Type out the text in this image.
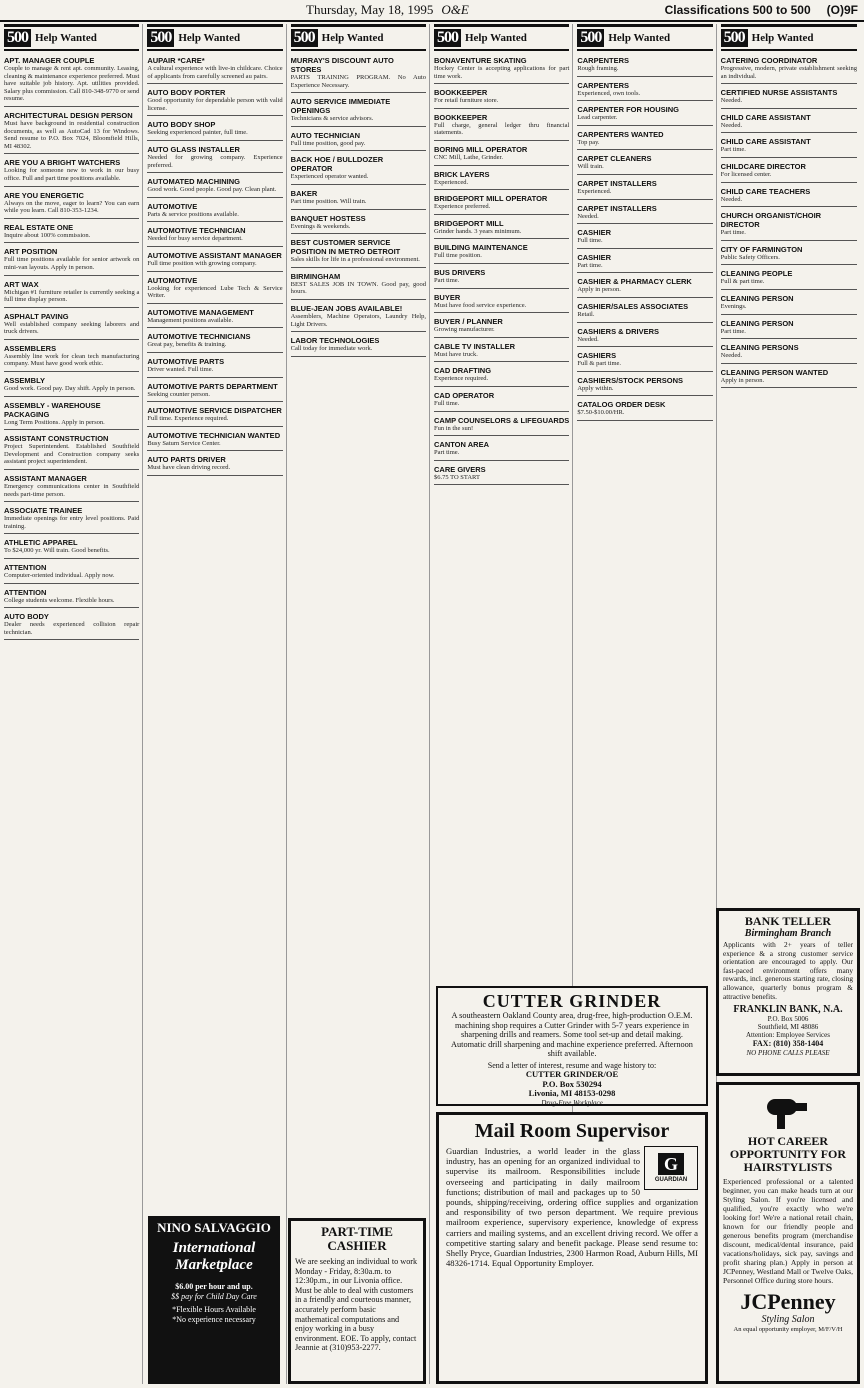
Thursday, May 18, 1995 O&E	Classifications 500 to 500 (O)9F
500 Help Wanted
APT. MANAGER COUPLE

Couple to manage & rent apt. community. Leasing, cleaning & maintenance experience preferred. Must have suitable job history. Apt. utilities provided. Salary plus commission. Call 810-348-9770 or send resume.

ARCHITECTURAL DESIGN PERSON

Must have background in residential construction documents, as well as AutoCad 13 for Windows. Send resume to P.O. Box 7024, Bloomfield Hills, MI 48302.

ARE YOU A BRIGHT WATCHERS

Looking for someone new to work in our busy office. Full and part time positions available.

ARE YOU ENERGETIC

Always on the move, eager to learn? You can earn while you learn. Call 810-353-1234.

REAL ESTATE ONE

Inquire about 100% commission.

ART POSITION

Full time positions available for senior artwork on mini-van layouts. Apply in person.

ART WAX

Michigan #1 furniture retailer is currently seeking a full time display person.

ASPHALT PAVING

Well established company seeking laborers and truck drivers.

ASSEMBLERS

Assembly line work for clean tech manufacturing company. Must have good work ethic.

ASSEMBLY

Good work. Good pay. Day shift. Apply in person.

ASSEMBLY - WAREHOUSE PACKAGING

Long Term Positions. Apply in person.

ASSISTANT CONSTRUCTION

Project Superintendent. Established Southfield Development and Construction company seeks assistant project superintendent.

ASSISTANT MANAGER

Emergency communications center in Southfield needs part-time person.

ASSOCIATE TRAINEE

Immediate openings for entry level positions. Paid training.

ATHLETIC APPAREL

To $24,000 yr. Will train. Good benefits.

ATTENTION

Computer-oriented individual. Apply now.

ATTENTION

College students welcome. Flexible hours.

AUTO BODY

Dealer needs experienced collision repair technician.

500 Help Wanted
AUPAIR *CARE*

A cultural experience with live-in childcare. Choice of applicants from carefully screened au pairs.

AUTO BODY PORTER

Good opportunity for dependable person with valid license.

AUTO BODY SHOP

Seeking experienced painter, full time.

AUTO GLASS INSTALLER

Needed for growing company. Experience preferred.

AUTOMATED MACHINING

Good work. Good people. Good pay. Clean plant.

AUTOMOTIVE

Parts & service positions available.

AUTOMOTIVE TECHNICIAN

Needed for busy service department.

AUTOMOTIVE ASSISTANT MANAGER

Full time position with growing company.

AUTOMOTIVE

Looking for experienced Lube Tech & Service Writer.

AUTOMOTIVE MANAGEMENT

Management positions available.

AUTOMOTIVE TECHNICIANS

Great pay, benefits & training.

AUTOMOTIVE PARTS

Driver wanted. Full time.

AUTOMOTIVE PARTS DEPARTMENT

Seeking counter person.

AUTOMOTIVE SERVICE DISPATCHER

Full time. Experience required.

AUTOMOTIVE TECHNICIAN WANTED

Busy Saturn Service Center.

AUTO PARTS DRIVER

Must have clean driving record.

500 Help Wanted
MURRAY'S DISCOUNT AUTO STORES

PARTS TRAINING PROGRAM. No Auto Experience Necessary.

AUTO SERVICE IMMEDIATE OPENINGS

Technicians & service advisors.

AUTO TECHNICIAN

Full time position, good pay.

BACK HOE / BULLDOZER OPERATOR

Experienced operator wanted.

BAKER

Part time position. Will train.

BANQUET HOSTESS

Evenings & weekends.

BEST CUSTOMER SERVICE POSITION IN METRO DETROIT

Sales skills for life in a professional environment.

BIRMINGHAM

BEST SALES JOB IN TOWN. Good pay, good hours.

BLUE-JEAN JOBS AVAILABLE!

Assemblers, Machine Operators, Laundry Help, Light Drivers.

LABOR TECHNOLOGIES

Call today for immediate work.

500 Help Wanted
BONAVENTURE SKATING

Hockey Center is accepting applications for part time work.

BOOKKEEPER

For retail furniture store.

BOOKKEEPER

Full charge, general ledger thru financial statements.

BORING MILL OPERATOR

CNC Mill, Lathe, Grinder.

BRICK LAYERS

Experienced.

BRIDGEPORT MILL OPERATOR

Experience preferred.

BRIDGEPORT MILL

Grinder hands. 3 years minimum.

BUILDING MAINTENANCE

Full time position.

BUS DRIVERS

Part time.

BUYER

Must have food service experience.

BUYER / PLANNER

Growing manufacturer.

CABLE TV INSTALLER

Must have truck.

CAD DRAFTING

Experience required.

CAD OPERATOR

Full time.

CAMP COUNSELORS & LIFEGUARDS

Fun in the sun!

CANTON AREA

Part time.

CARE GIVERS

$6.75 TO START

500 Help Wanted
CARPENTERS

Rough framing.

CARPENTERS

Experienced, own tools.

CARPENTER FOR HOUSING

Lead carpenter.

CARPENTERS WANTED

Top pay.

CARPET CLEANERS

Will train.

CARPET INSTALLERS

Experienced.

CARPET INSTALLERS

Needed.

CASHIER

Full time.

CASHIER

Part time.

CASHIER & PHARMACY CLERK

Apply in person.

CASHIER/SALES ASSOCIATES

Retail.

CASHIERS & DRIVERS

Needed.

CASHIERS

Full & part time.

CASHIERS/STOCK PERSONS

Apply within.

CATALOG ORDER DESK

$7.50-$10.00/HR.

500 Help Wanted
CATERING COORDINATOR

Progressive, modern, private establishment seeking an individual.

CERTIFIED NURSE ASSISTANTS

Needed.

CHILD CARE ASSISTANT

Needed.

CHILD CARE ASSISTANT

Part time.

CHILDCARE DIRECTOR

For licensed center.

CHILD CARE TEACHERS

Needed.

CHURCH ORGANIST/CHOIR DIRECTOR

Part time.

CITY OF FARMINGTON

Public Safety Officers.

CLEANING PEOPLE

Full & part time.

CLEANING PERSON

Evenings.

CLEANING PERSON

Part time.

CLEANING PERSONS

Needed.

CLEANING PERSON WANTED

Apply in person.

NINO SALVAGGIO
International Marketplace
$6.00 per hour and up.
$$ pay for Child Day Care
*Flexible Hours Available
*No experience necessary
PART-TIME CASHIER
We are seeking an individual to work Monday - Friday, 8:30a.m. to 12:30p.m., in our Livonia office. Must be able to deal with customers in a friendly and courteous manner, accurately perform basic mathematical computations and enjoy working in a busy environment. EOE. To apply, contact Jeannie at (310)953-2277.
CUTTER GRINDER
A southeastern Oakland County area, drug-free, high-production O.E.M. machining shop requires a Cutter Grinder with 5-7 years experience in sharpening drills and reamers. Some tool set-up and detail making. Automatic drill sharpening and machine experience preferred. Afternoon shift available.
Send a letter of interest, resume and wage history to:
CUTTER GRINDER/OE
P.O. Box 530294
Livonia, MI 48153-0298
Drug-Free Workplace
Mail Room Supervisor
G
GUARDIAN
Guardian Industries, a world leader in the glass industry, has an opening for an organized individual to supervise its mailroom. Responsibilities include overseeing and participating in daily mailroom functions; distribution of mail and packages up to 50 pounds, shipping/receiving, ordering office supplies and organization and responsibility of two person department. We require previous mailroom experience, supervisory experience, knowledge of express carriers and mailing systems, and an excellent driving record. We offer a competitive starting salary and benefit package. Please send resume to: Shelly Pryce, Guardian Industries, 2300 Harmon Road, Auburn Hills, MI 48326-1714. Equal Opportunity Employer.
BANK TELLER
Birmingham Branch
Applicants with 2+ years of teller experience & a strong customer service orientation are encouraged to apply. Our fast-paced environment offers many rewards, incl. generous starting rate, closing allowance, quarterly bonus program & attractive benefits.
FRANKLIN BANK, N.A.
P.O. Box 5006
Southfield, MI 48086
Attention: Employee Services
FAX: (810) 358-1404
NO PHONE CALLS PLEASE
HOT CAREER OPPORTUNITY FOR HAIRSTYLISTS
Experienced professional or a talented beginner, you can make heads turn at our Styling Salon. If you're licensed and qualified, you're exactly who we're looking for! We're a national retail chain, known for our friendly people and generous benefits program (merchandise discount, medical/dental insurance, paid vacations/holidays, sick pay, savings and profit sharing plan.) Apply in person at JCPenney, Westland Mall or Twelve Oaks, Personnel Office during store hours.
JCPenney
Styling Salon
An equal opportunity employer, M/F/V/H
